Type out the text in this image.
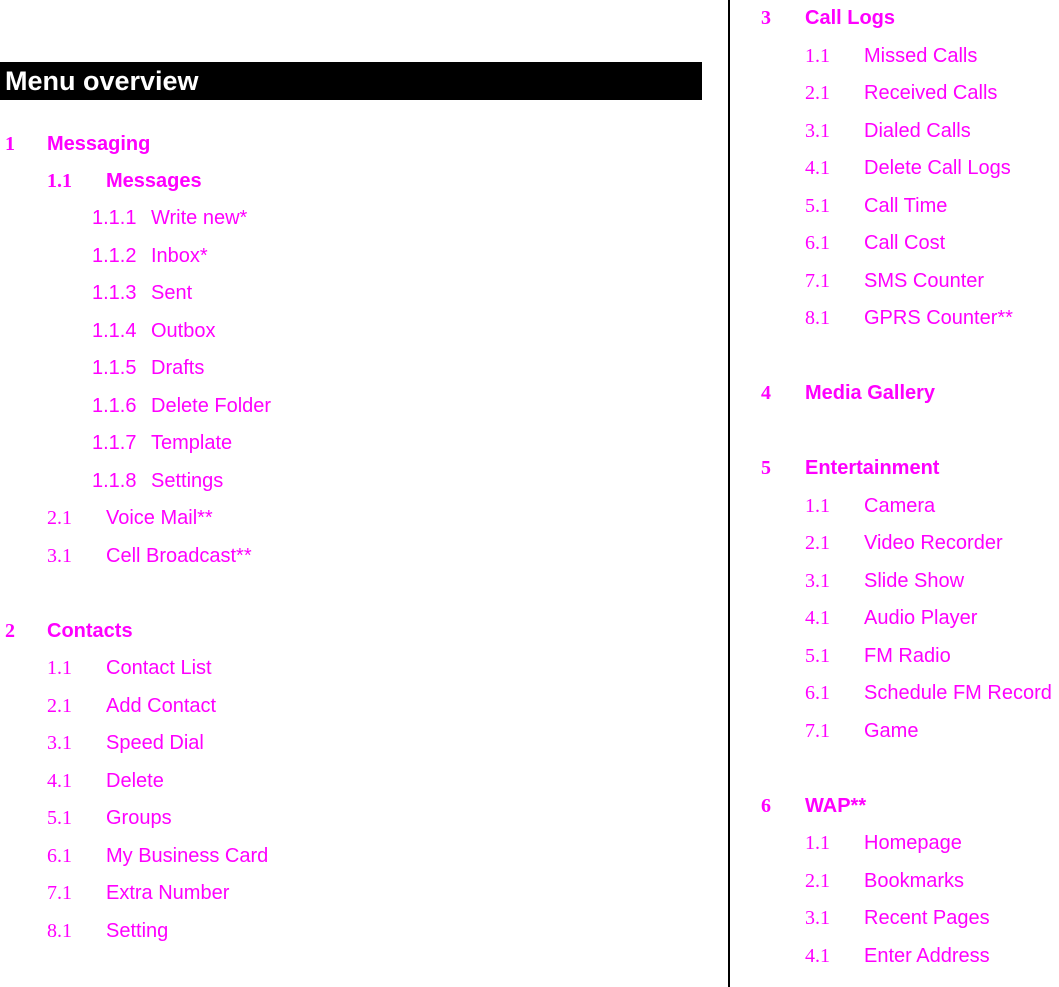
Menu overview
1 Messaging
1.1 Messages
1.1.1 Write new*
1.1.2 Inbox*
1.1.3 Sent
1.1.4 Outbox
1.1.5 Drafts
1.1.6 Delete Folder
1.1.7 Template
1.1.8 Settings
2.1 Voice Mail**
3.1 Cell Broadcast**
2 Contacts
1.1 Contact List
2.1 Add Contact
3.1 Speed Dial
4.1 Delete
5.1 Groups
6.1 My Business Card
7.1 Extra Number
8.1 Setting
3 Call Logs
1.1 Missed Calls
2.1 Received Calls
3.1 Dialed Calls
4.1 Delete Call Logs
5.1 Call Time
6.1 Call Cost
7.1 SMS Counter
8.1 GPRS Counter**
4 Media Gallery
5 Entertainment
1.1 Camera
2.1 Video Recorder
3.1 Slide Show
4.1 Audio Player
5.1 FM Radio
6.1 Schedule FM Record
7.1 Game
6 WAP**
1.1 Homepage
2.1 Bookmarks
3.1 Recent Pages
4.1 Enter Address
